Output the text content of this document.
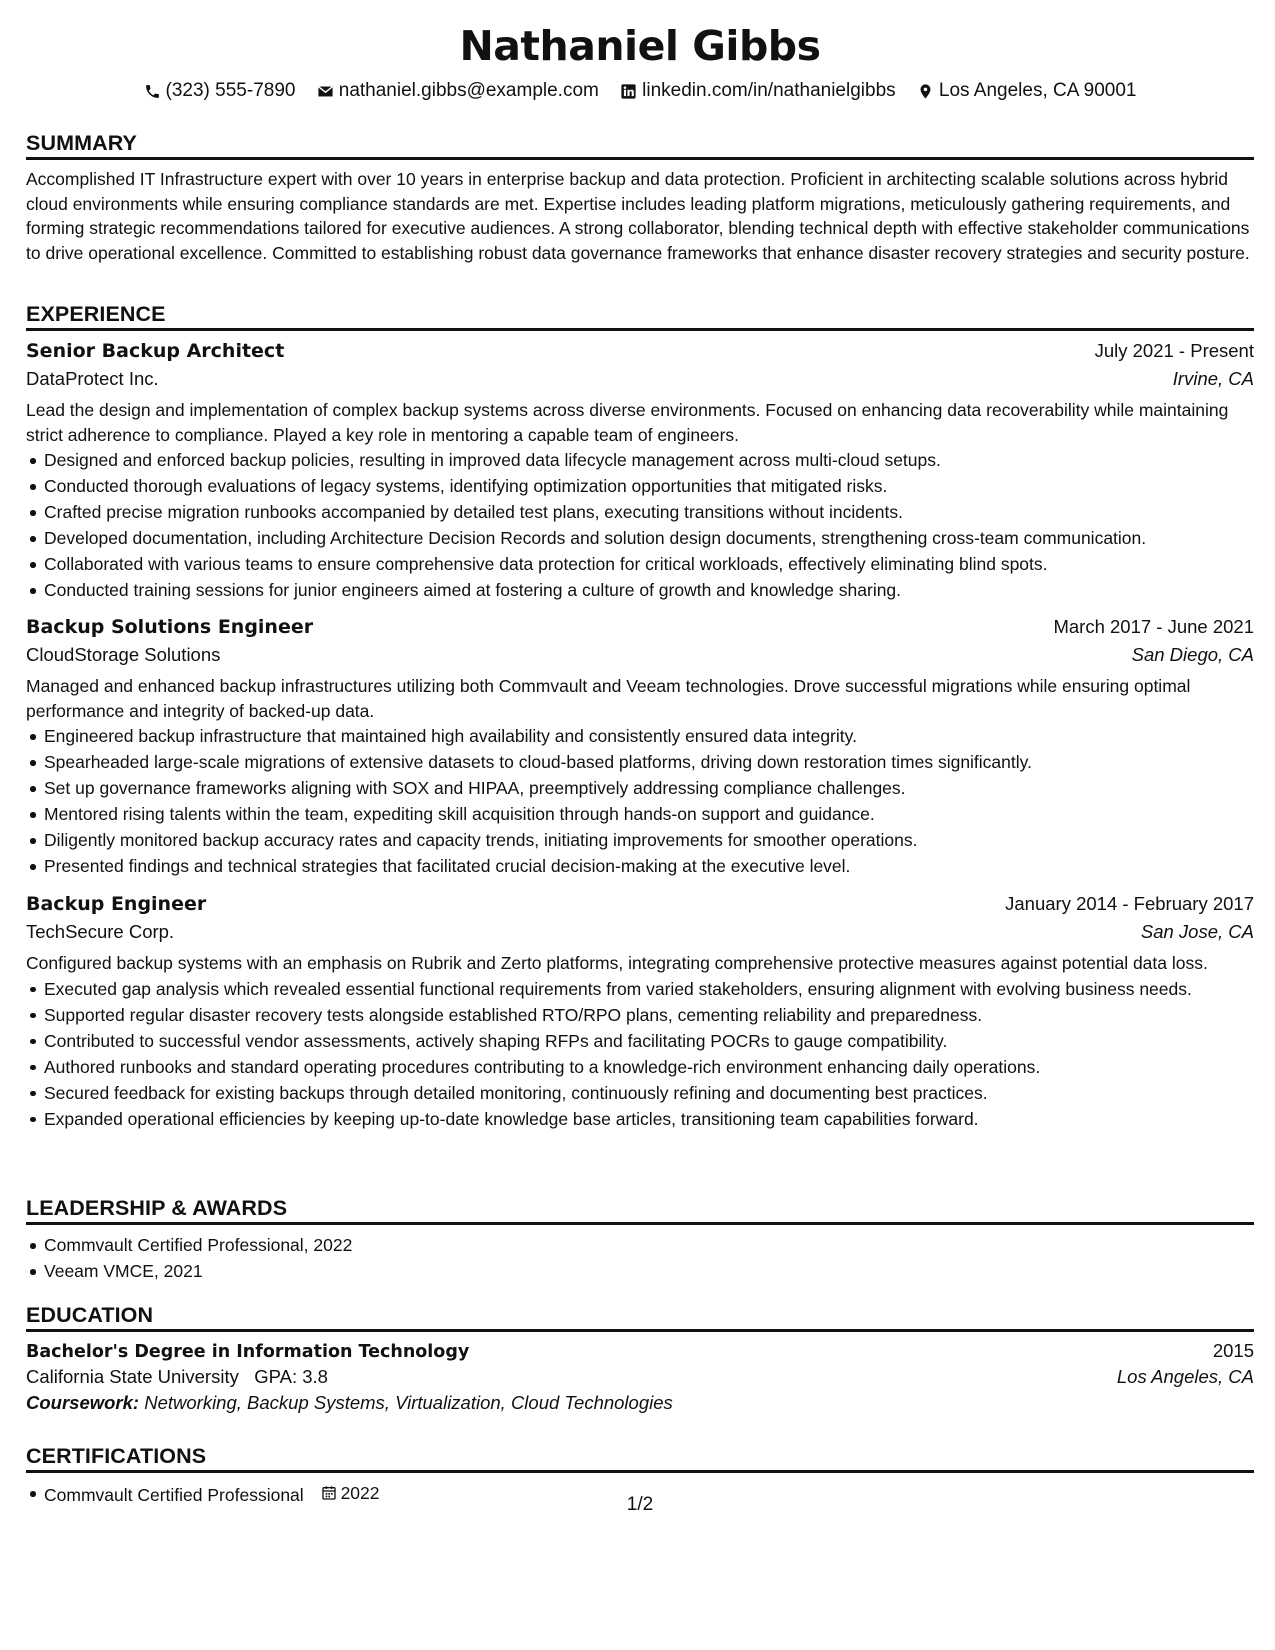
Nathaniel Gibbs
(323) 555-7890
nathaniel.gibbs@example.com
linkedin.com/in/nathanielgibbs
Los Angeles, CA 90001
SUMMARY
Accomplished IT Infrastructure expert with over 10 years in enterprise backup and data protection. Proficient in architecting scalable solutions across hybrid cloud environments while ensuring compliance standards are met. Expertise includes leading platform migrations, meticulously gathering requirements, and forming strategic recommendations tailored for executive audiences. A strong collaborator, blending technical depth with effective stakeholder communications to drive operational excellence. Committed to establishing robust data governance frameworks that enhance disaster recovery strategies and security posture.
EXPERIENCE
Senior Backup Architect	July 2021 - Present
DataProtect Inc.	Irvine, CA
Lead the design and implementation of complex backup systems across diverse environments. Focused on enhancing data recoverability while maintaining strict adherence to compliance. Played a key role in mentoring a capable team of engineers.
Designed and enforced backup policies, resulting in improved data lifecycle management across multi-cloud setups.
Conducted thorough evaluations of legacy systems, identifying optimization opportunities that mitigated risks.
Crafted precise migration runbooks accompanied by detailed test plans, executing transitions without incidents.
Developed documentation, including Architecture Decision Records and solution design documents, strengthening cross-team communication.
Collaborated with various teams to ensure comprehensive data protection for critical workloads, effectively eliminating blind spots.
Conducted training sessions for junior engineers aimed at fostering a culture of growth and knowledge sharing.
Backup Solutions Engineer	March 2017 - June 2021
CloudStorage Solutions	San Diego, CA
Managed and enhanced backup infrastructures utilizing both Commvault and Veeam technologies. Drove successful migrations while ensuring optimal performance and integrity of backed-up data.
Engineered backup infrastructure that maintained high availability and consistently ensured data integrity.
Spearheaded large-scale migrations of extensive datasets to cloud-based platforms, driving down restoration times significantly.
Set up governance frameworks aligning with SOX and HIPAA, preemptively addressing compliance challenges.
Mentored rising talents within the team, expediting skill acquisition through hands-on support and guidance.
Diligently monitored backup accuracy rates and capacity trends, initiating improvements for smoother operations.
Presented findings and technical strategies that facilitated crucial decision-making at the executive level.
Backup Engineer	January 2014 - February 2017
TechSecure Corp.	San Jose, CA
Configured backup systems with an emphasis on Rubrik and Zerto platforms, integrating comprehensive protective measures against potential data loss.
Executed gap analysis which revealed essential functional requirements from varied stakeholders, ensuring alignment with evolving business needs.
Supported regular disaster recovery tests alongside established RTO/RPO plans, cementing reliability and preparedness.
Contributed to successful vendor assessments, actively shaping RFPs and facilitating POCRs to gauge compatibility.
Authored runbooks and standard operating procedures contributing to a knowledge-rich environment enhancing daily operations.
Secured feedback for existing backups through detailed monitoring, continuously refining and documenting best practices.
Expanded operational efficiencies by keeping up-to-date knowledge base articles, transitioning team capabilities forward.
LEADERSHIP & AWARDS
Commvault Certified Professional, 2022
Veeam VMCE, 2021
EDUCATION
Bachelor's Degree in Information Technology	2015
California State University GPA: 3.8	Los Angeles, CA
Coursework: Networking, Backup Systems, Virtualization, Cloud Technologies
CERTIFICATIONS
Commvault Certified Professional 2022
1/2
